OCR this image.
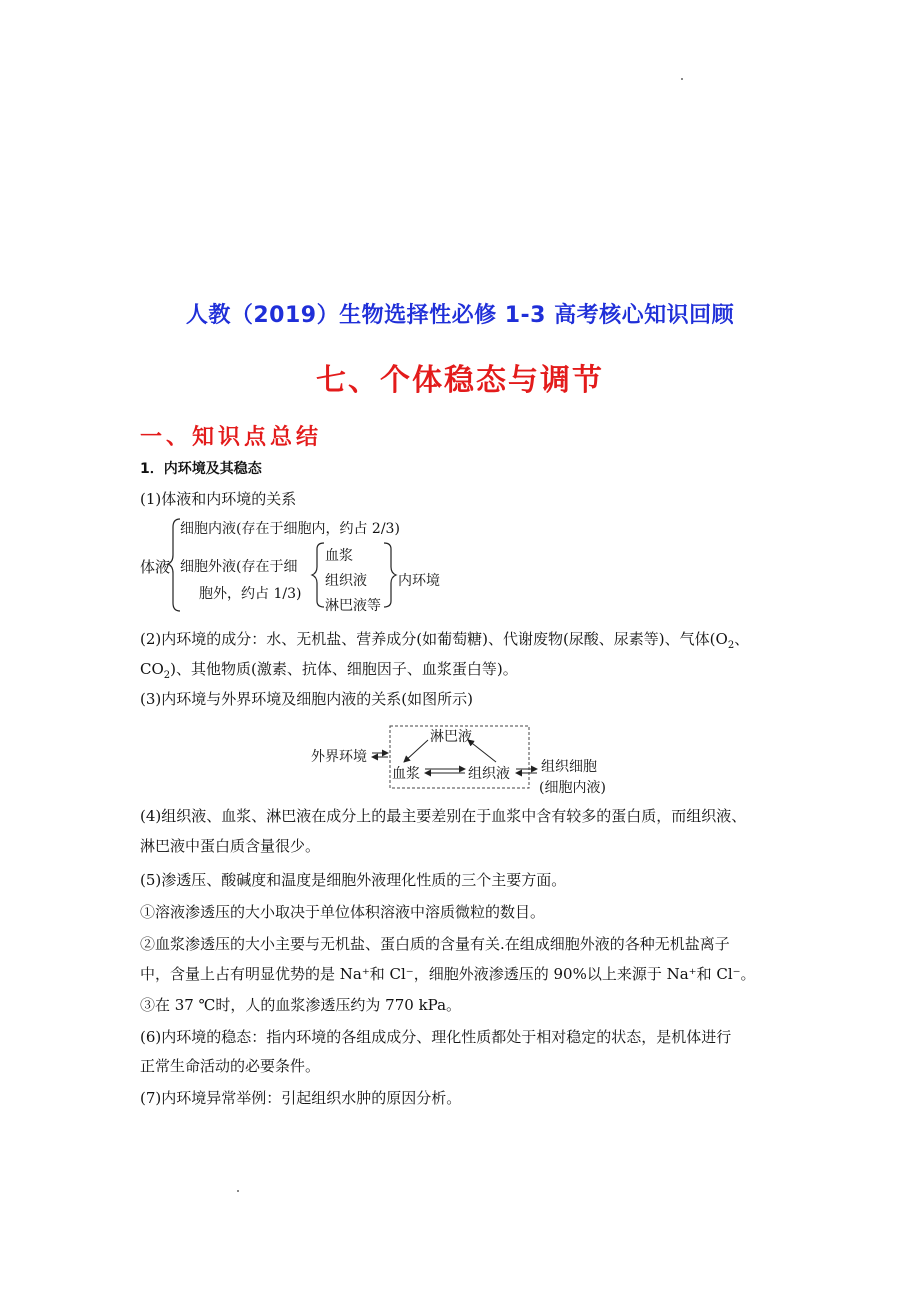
人教（2019）生物选择性必修 1-3 高考核心知识回顾
七、个体稳态与调节
一、知识点总结
1．内环境及其稳态
(1)体液和内环境的关系
体液
细胞内液(存在于细胞内，约占 2/3)
细胞外液(存在于细
胞外，约占 1/3)
血浆
组织液
淋巴液等
内环境
(2)内环境的成分：水、无机盐、营养成分(如葡萄糖)、代谢废物(尿酸、尿素等)、气体($O_2$、
$CO_2$)、其他物质(激素、抗体、细胞因子、血浆蛋白等)。
(3)内环境与外界环境及细胞内液的关系(如图所示)
外界环境
淋巴液
血浆	组织液 组织细胞
(细胞内液)
(4)组织液、血浆、淋巴液在成分上的最主要差别在于血浆中含有较多的蛋白质，而组织液、
淋巴液中蛋白质含量很少。
(5)渗透压、酸碱度和温度是细胞外液理化性质的三个主要方面。
①溶液渗透压的大小取决于单位体积溶液中溶质微粒的数目。
②血浆渗透压的大小主要与无机盐、蛋白质的含量有关.在组成细胞外液的各种无机盐离子
中，含量上占有明显优势的是 Na⁺和 Cl⁻，细胞外液渗透压的 90%以上来源于 Na⁺和 Cl⁻。
③在 37 ℃时，人的血浆渗透压约为 770 kPa。
(6)内环境的稳态：指内环境的各组成成分、理化性质都处于相对稳定的状态，是机体进行
正常生命活动的必要条件。
(7)内环境异常举例：引起组织水肿的原因分析。
